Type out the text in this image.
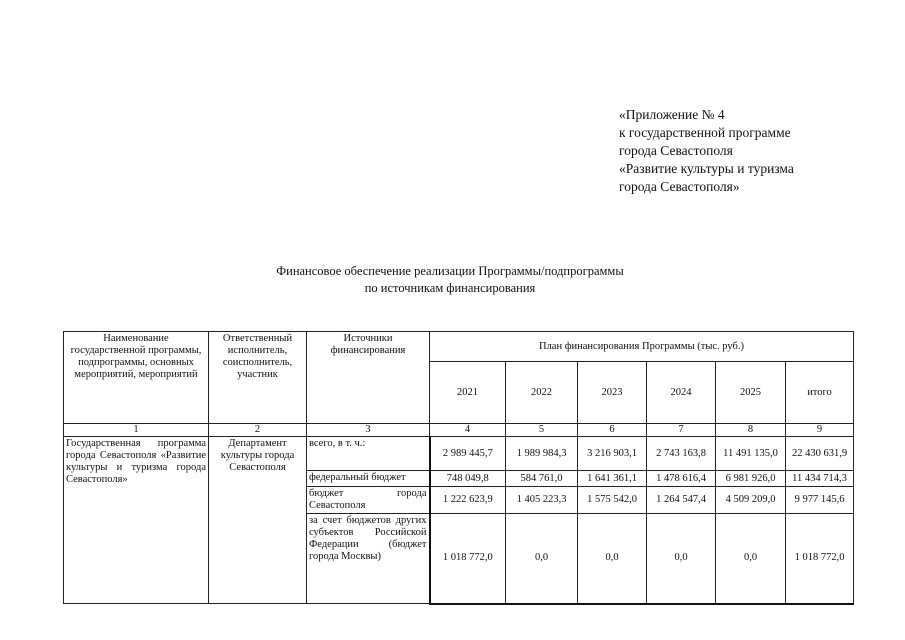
«Приложение № 4
к государственной программе
города Севастополя
«Развитие культуры и туризма
города Севастополя»
Финансовое обеспечение реализации Программы/подпрограммы
по источникам финансирования
Наименование государственной программы, подпрограммы, основных мероприятий, мероприятий	Ответственный исполнитель, соисполнитель, участник	Источники финансирования	План финансирования Программы (тыс. руб.)					
			2021	2022	2023	2024	2025	итого
1	2	3	4	5	6	7	8	9
Государственная программа города Севастополя «Развитие культуры и туризма города Севастополя»	Департамент культуры города Севастополя	всего, в т. ч.:	2 989 445,7	1 989 984,3	3 216 903,1	2 743 163,8	11 491 135,0	22 430 631,9
		федеральный бюджет	748 049,8	584 761,0	1 641 361,1	1 478 616,4	6 981 926,0	11 434 714,3
		бюджет города Севастополя	1 222 623,9	1 405 223,3	1 575 542,0	1 264 547,4	4 509 209,0	9 977 145,6
		за счет бюджетов других субъектов Российской Федерации (бюджет города Москвы)	1 018 772,0	0,0	0,0	0,0	0,0	1 018 772,0
